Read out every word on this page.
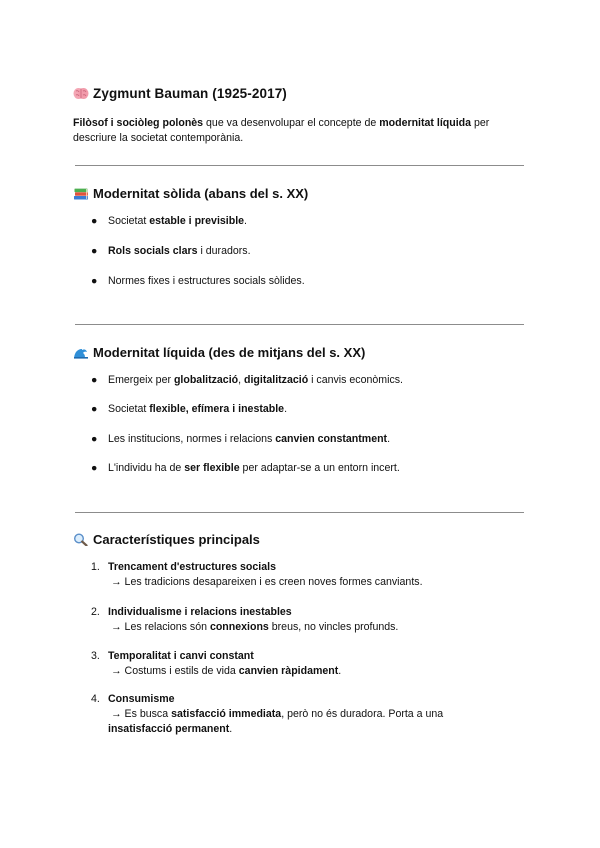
Zygmunt Bauman (1925-2017)
Filòsof i sociòleg polonès que va desenvolupar el concepte de modernitat líquida per descriure la societat contemporània.
Modernitat sòlida (abans del s. XX)
● Societat estable i previsible.
● Rols socials clars i duradors.
● Normes fixes i estructures socials sòlides.
Modernitat líquida (des de mitjans del s. XX)
● Emergeix per globalització, digitalització i canvis econòmics.
● Societat flexible, efímera i inestable.
● Les institucions, normes i relacions canvien constantment.
● L'individu ha de ser flexible per adaptar-se a un entorn incert.
Característiques principals
1. Trencament d'estructures socials
→ Les tradicions desapareixen i es creen noves formes canviants.
2. Individualisme i relacions inestables
→ Les relacions són connexions breus, no vincles profunds.
3. Temporalitat i canvi constant
→ Costums i estils de vida canvien ràpidament.
4. Consumisme
→ Es busca satisfacció immediata, però no és duradora. Porta a una insatisfacció permanent.
